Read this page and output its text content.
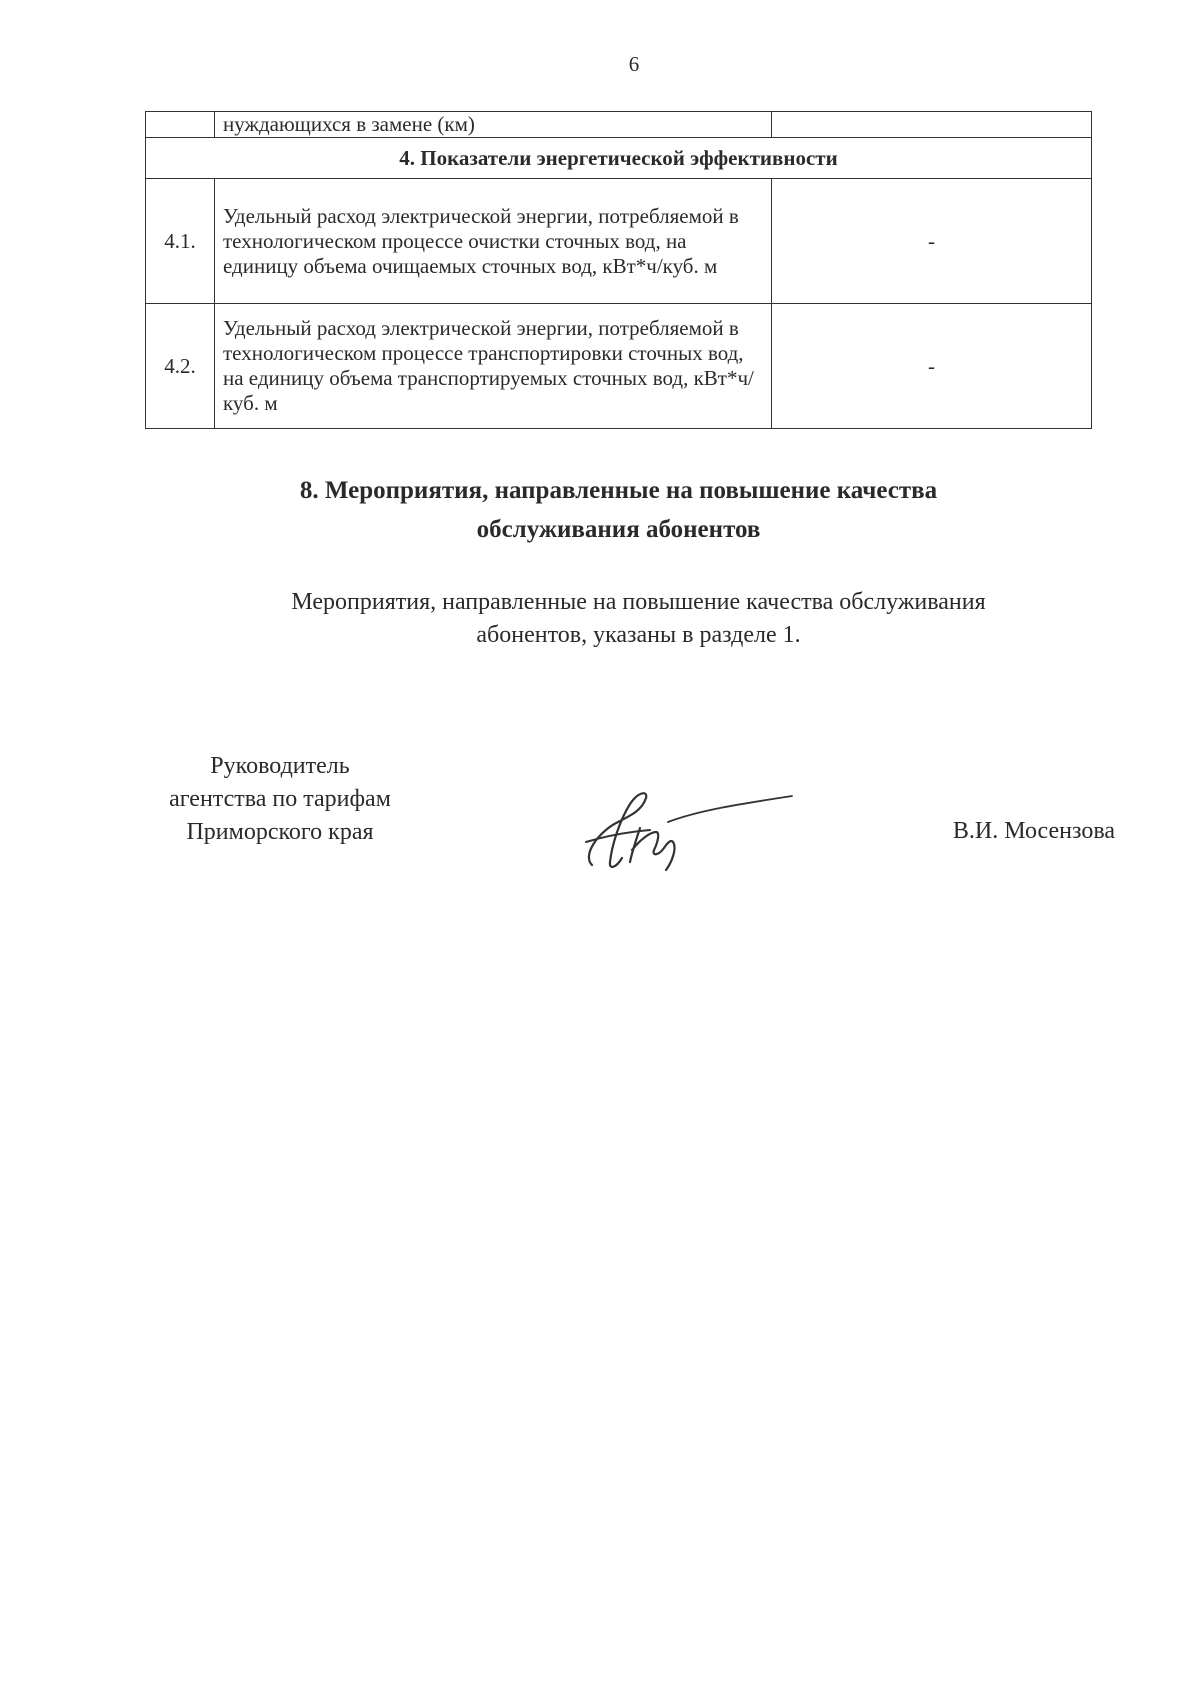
6
	нуждающихся в замене (км)	
4. Показатели энергетической эффективности		
4.1.	Удельный расход электрической энергии, потребляемой в технологическом процессе очистки сточных вод, на единицу объема очищаемых сточных вод, кВт*ч/куб. м	-
4.2.	Удельный расход электрической энергии, потребляемой в технологическом процессе транспортировки сточных вод, на единицу объема транспортируемых сточных вод, кВт*ч/куб. м	-
8. Мероприятия, направленные на повышение качества
обслуживания абонентов
Мероприятия, направленные на повышение качества обслуживания
абонентов, указаны в разделе 1.
Руководитель
агентства по тарифам
Приморского края	В.И. Мосензова
